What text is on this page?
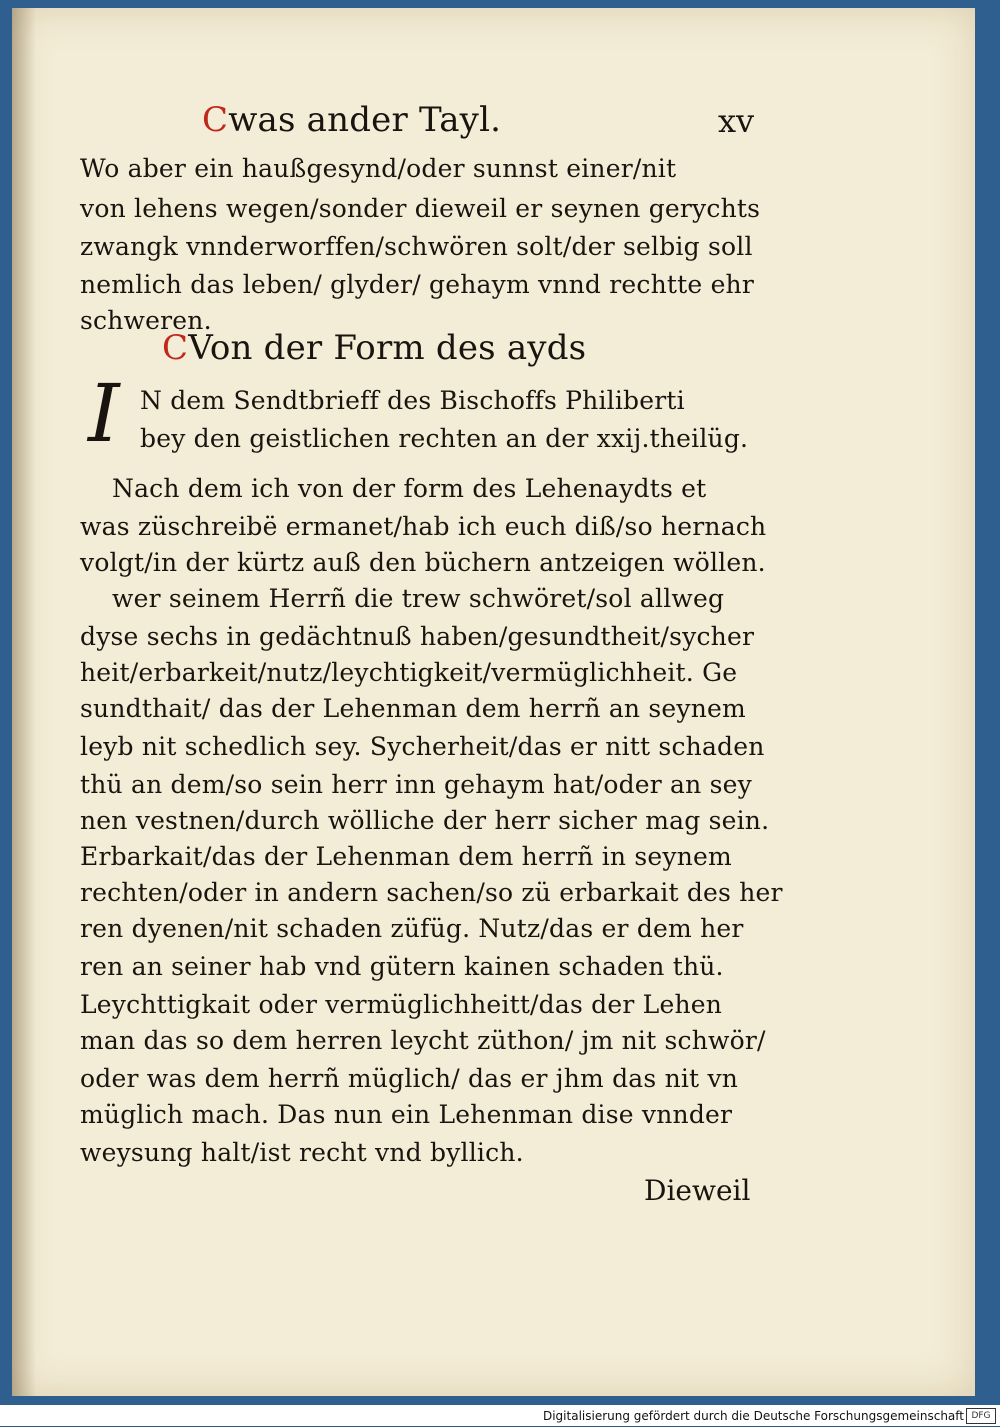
Cwas ander Tayl.	xv
Wo aber ein haußgesynd/oder sunnst einer/nit
von lehens wegen/sonder dieweil er seynen gerychts
zwangk vnnderworffen/schwören solt/der selbig soll
nemlich das leben/ glyder/ gehaym vnnd rechtte ehr
schweren.
CVon der Form des ayds
I N dem Sendtbrieff des Bischoffs Philiberti
bey den geistlichen rechten an der xxij.theilüg.
Nach dem ich von der form des Lehenaydts et
was züschreibë ermanet/hab ich euch diß/so hernach
volgt/in der kürtz auß den büchern antzeigen wöllen.
wer seinem Herrñ die trew schwöret/sol allweg
dyse sechs in gedächtnuß haben/gesundtheit/sycher
heit/erbarkeit/nutz/leychtigkeit/vermüglichheit. Ge
sundthait/ das der Lehenman dem herrñ an seynem
leyb nit schedlich sey. Sycherheit/das er nitt schaden
thü an dem/so sein herr inn gehaym hat/oder an sey
nen vestnen/durch wölliche der herr sicher mag sein.
Erbarkait/das der Lehenman dem herrñ in seynem
rechten/oder in andern sachen/so zü erbarkait des her
ren dyenen/nit schaden züfüg. Nutz/das er dem her
ren an seiner hab vnd gütern kainen schaden thü.
Leychttigkait oder vermüglichheitt/das der Lehen
man das so dem herren leycht züthon/ jm nit schwör/
oder was dem herrñ müglich/ das er jhm das nit vn
müglich mach. Das nun ein Lehenman dise vnnder
weysung halt/ist recht vnd byllich.
Dieweil
Digitalisierung gefördert durch die Deutsche Forschungsgemeinschaft DFG
